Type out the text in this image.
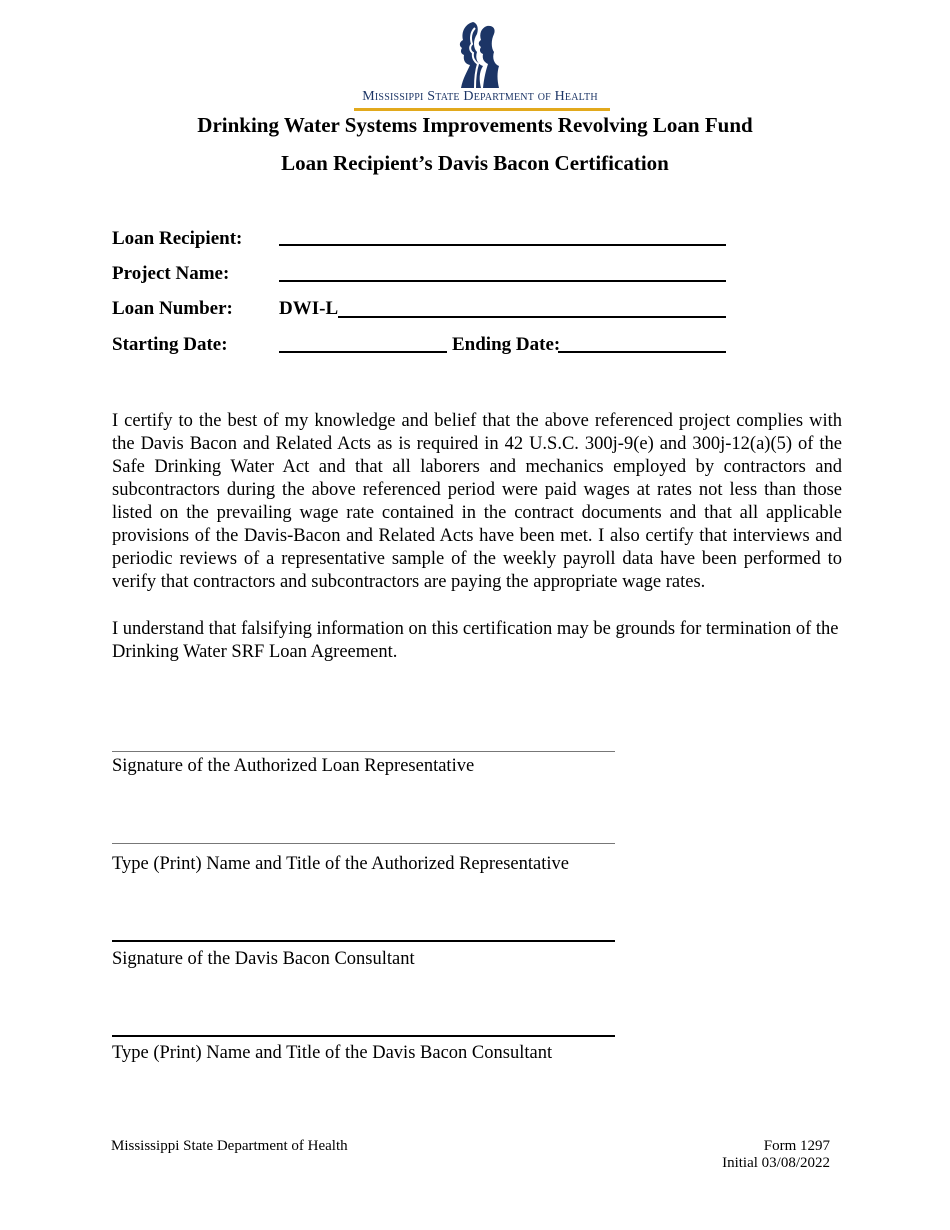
Mississippi State Department of Health
Drinking Water Systems Improvements Revolving Loan Fund
Loan Recipient’s Davis Bacon Certification
Loan Recipient:
Project Name:
Loan Number: DWI-L
Starting Date:	Ending Date:

I certify to the best of my knowledge and belief that the above referenced project complies with the Davis Bacon and Related Acts as is required in 42 U.S.C. 300j-9(e) and 300j-12(a)(5) of the Safe Drinking Water Act and that all laborers and mechanics employed by contractors and subcontractors during the above referenced period were paid wages at rates not less than those listed on the prevailing wage rate contained in the contract documents and that all applicable provisions of the Davis-Bacon and Related Acts have been met. I also certify that interviews and periodic reviews of a representative sample of the weekly payroll data have been performed to verify that contractors and subcontractors are paying the appropriate wage rates.

I understand that falsifying information on this certification may be grounds for termination of the Drinking Water SRF Loan Agreement.

Signature of the Authorized Loan Representative
Type (Print) Name and Title of the Authorized Representative
Signature of the Davis Bacon Consultant
Type (Print) Name and Title of the Davis Bacon Consultant
Mississippi State Department of Health	Form 1297
Initial 03/08/2022
